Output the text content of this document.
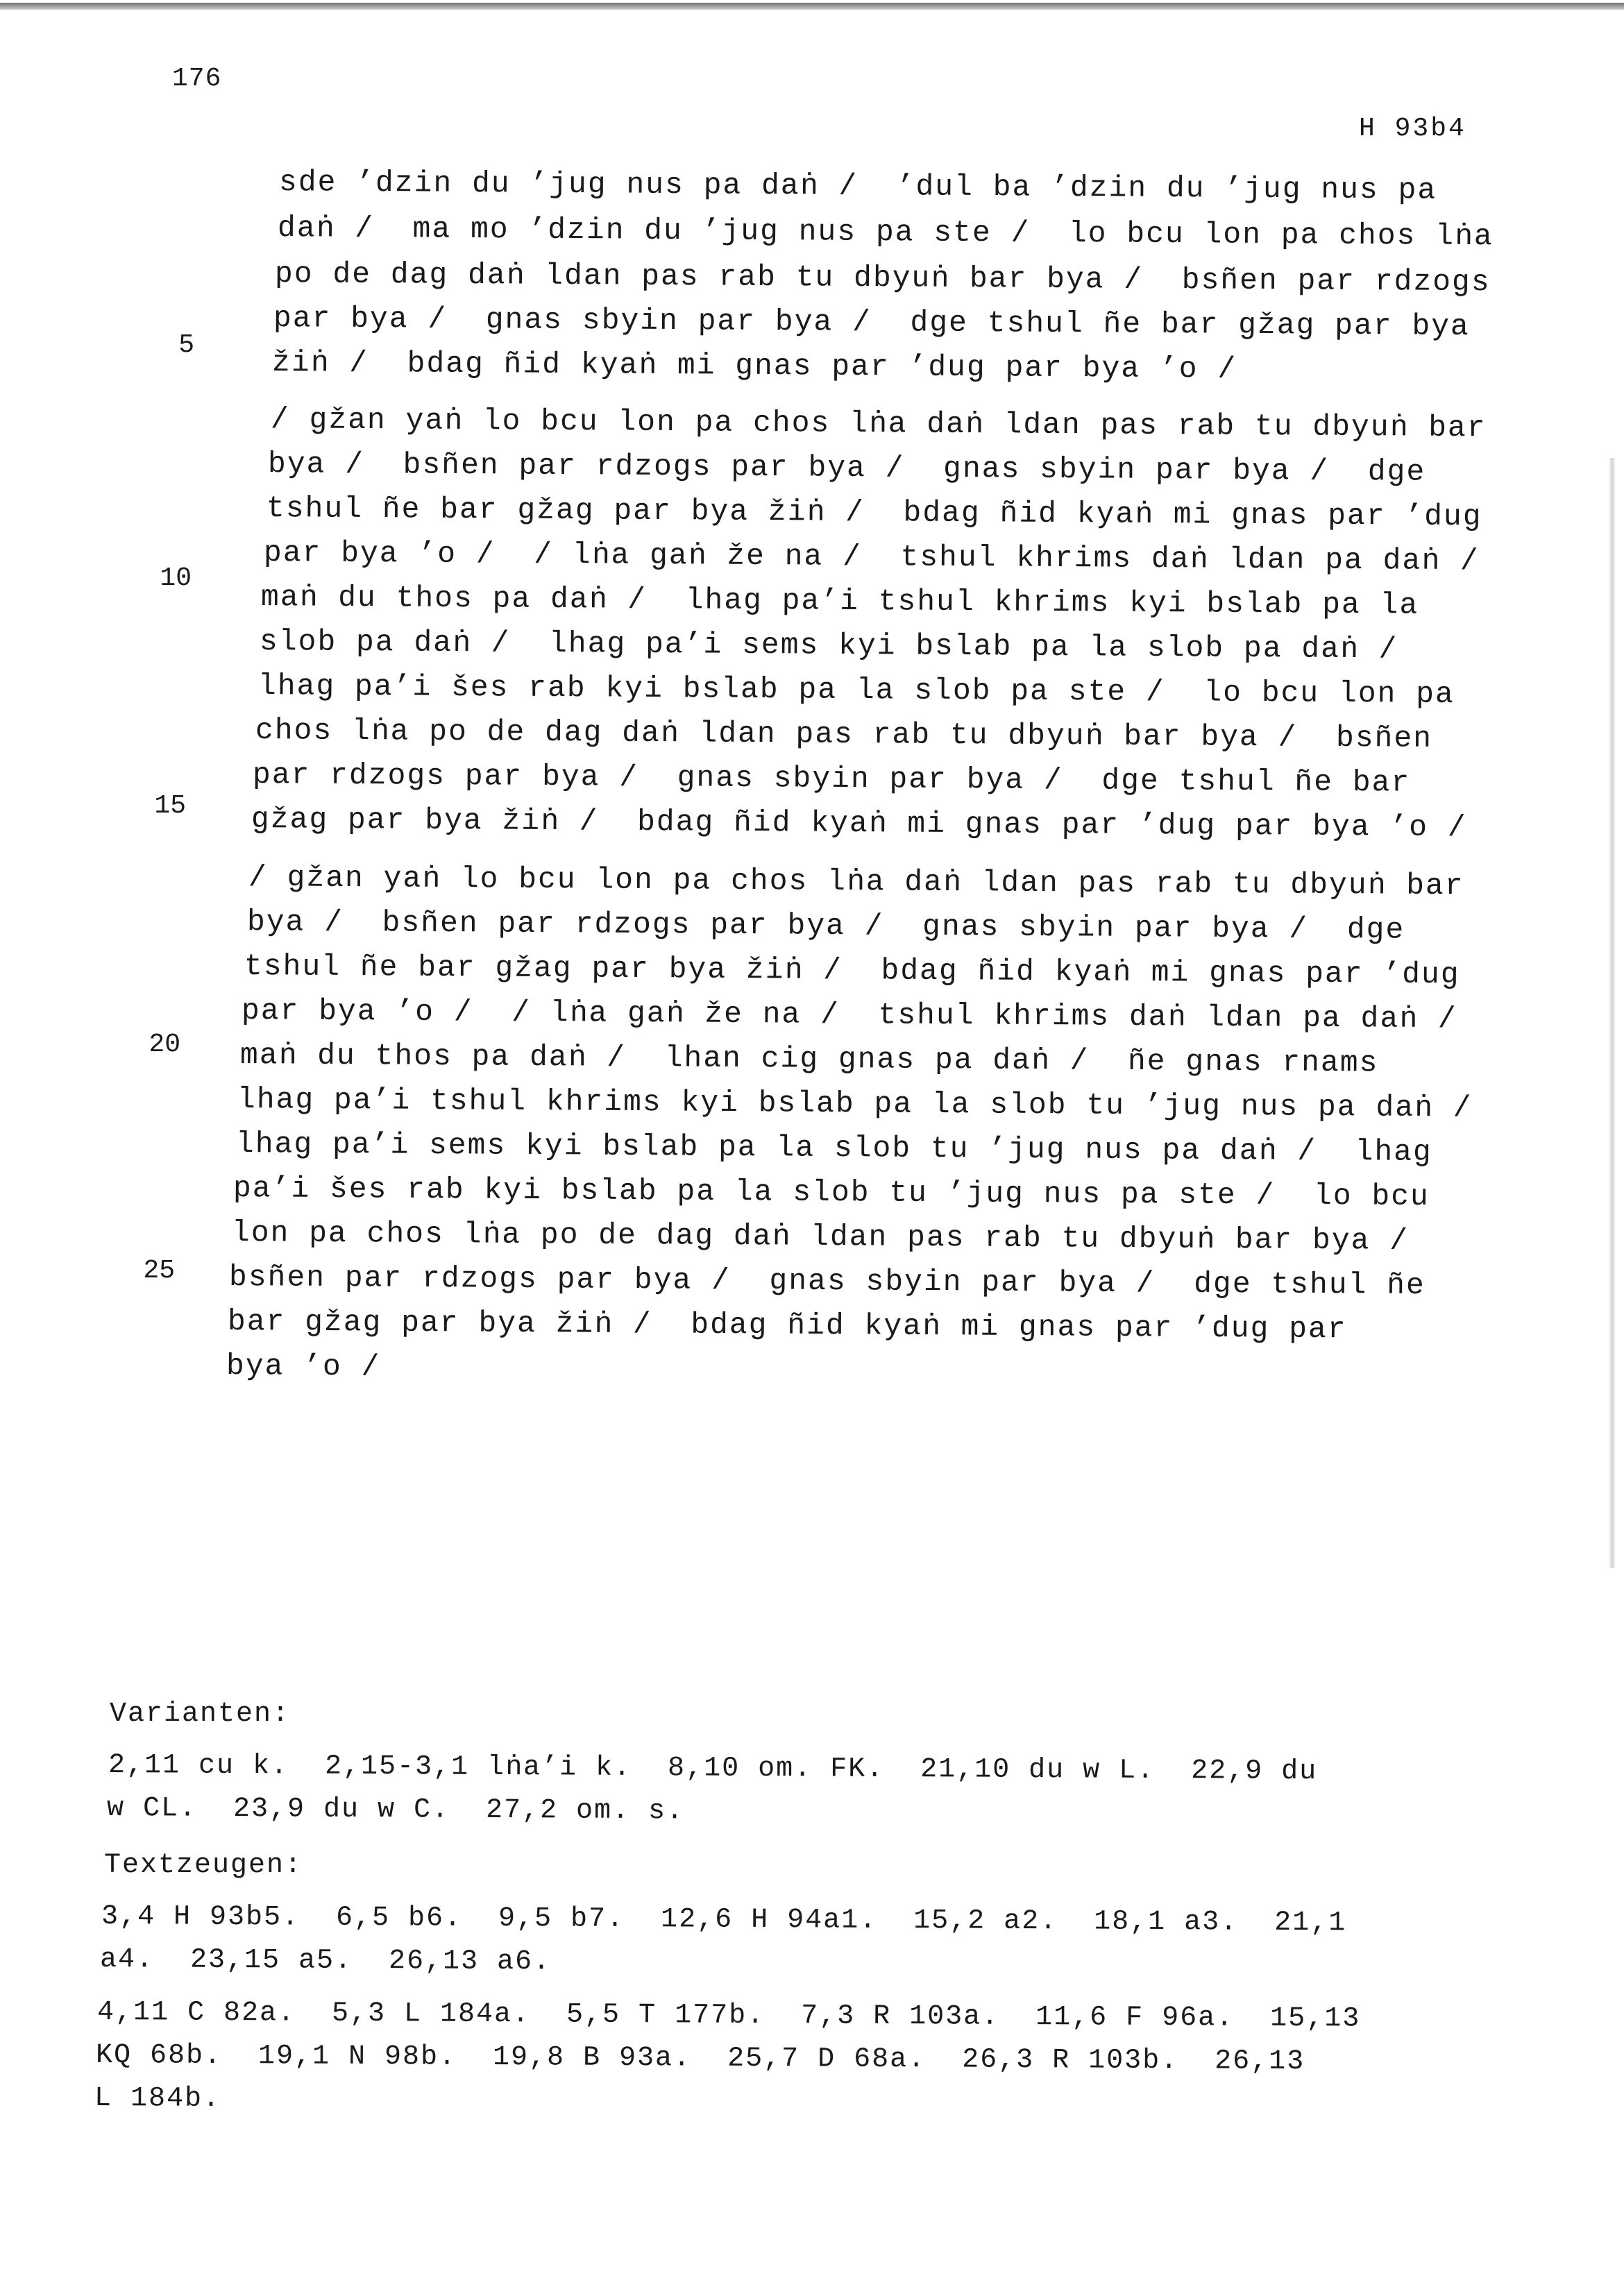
176
H 93b4
sde ’dzin du ’jug nus pa daṅ /  ’dul ba ’dzin du ’jug nus pa
daṅ /  ma mo ’dzin du ’jug nus pa ste /  lo bcu lon pa chos lṅa
po de dag daṅ ldan pas rab tu dbyuṅ bar bya /  bsñen par rdzogs
par bya /  gnas sbyin par bya /  dge tshul ñe bar gžag par bya
žiṅ /  bdag ñid kyaṅ mi gnas par ’dug par bya ’o /
/ gžan yaṅ lo bcu lon pa chos lṅa daṅ ldan pas rab tu dbyuṅ bar
bya /  bsñen par rdzogs par bya /  gnas sbyin par bya /  dge
tshul ñe bar gžag par bya žiṅ /  bdag ñid kyaṅ mi gnas par ’dug
par bya ’o /  / lṅa gaṅ že na /  tshul khrims daṅ ldan pa daṅ /
maṅ du thos pa daṅ /  lhag pa’i tshul khrims kyi bslab pa la
slob pa daṅ /  lhag pa’i sems kyi bslab pa la slob pa daṅ /
lhag pa’i šes rab kyi bslab pa la slob pa ste /  lo bcu lon pa
chos lṅa po de dag daṅ ldan pas rab tu dbyuṅ bar bya /  bsñen
par rdzogs par bya /  gnas sbyin par bya /  dge tshul ñe bar
gžag par bya žiṅ /  bdag ñid kyaṅ mi gnas par ’dug par bya ’o /
/ gžan yaṅ lo bcu lon pa chos lṅa daṅ ldan pas rab tu dbyuṅ bar
bya /  bsñen par rdzogs par bya /  gnas sbyin par bya /  dge
tshul ñe bar gžag par bya žiṅ /  bdag ñid kyaṅ mi gnas par ’dug
par bya ’o /  / lṅa gaṅ že na /  tshul khrims daṅ ldan pa daṅ /
maṅ du thos pa daṅ /  lhan cig gnas pa daṅ /  ñe gnas rnams
lhag pa’i tshul khrims kyi bslab pa la slob tu ’jug nus pa daṅ /
lhag pa’i sems kyi bslab pa la slob tu ’jug nus pa daṅ /  lhag
pa’i šes rab kyi bslab pa la slob tu ’jug nus pa ste /  lo bcu
lon pa chos lṅa po de dag daṅ ldan pas rab tu dbyuṅ bar bya /
bsñen par rdzogs par bya /  gnas sbyin par bya /  dge tshul ñe
bar gžag par bya žiṅ /  bdag ñid kyaṅ mi gnas par ’dug par
bya ’o /
5
10
15
20
25
Varianten:
2,11 cu k.  2,15-3,1 lṅa’i k.  8,10 om. FK.  21,10 du w L.  22,9 du
w CL.  23,9 du w C.  27,2 om. s.
Textzeugen:
3,4 H 93b5.  6,5 b6.  9,5 b7.  12,6 H 94a1.  15,2 a2.  18,1 a3.  21,1
a4.  23,15 a5.  26,13 a6.
4,11 C 82a.  5,3 L 184a.  5,5 T 177b.  7,3 R 103a.  11,6 F 96a.  15,13
KQ 68b.  19,1 N 98b.  19,8 B 93a.  25,7 D 68a.  26,3 R 103b.  26,13
L 184b.
